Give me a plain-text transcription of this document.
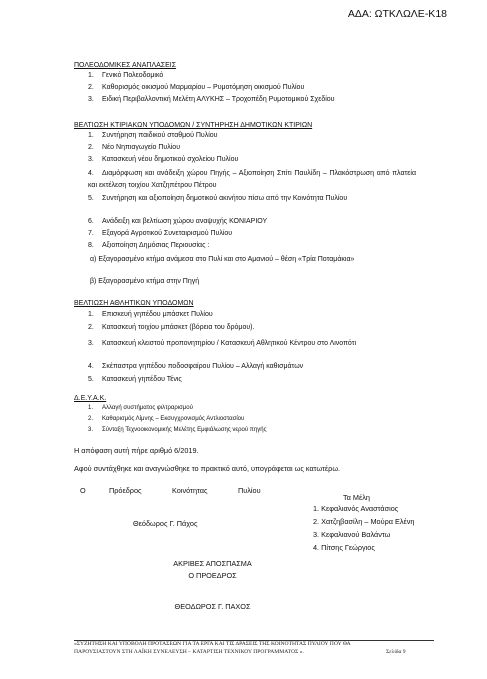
ΑΔΑ: ΩΤΚΛΩΛΕ-Κ18
ΠΟΛΕΟΔΟΜΙΚΕΣ ΑΝΑΠΛΑΣΕΙΣ
1. Γενικό Πολεοδομικό
2. Καθορισμός οικισμού Μαρμαρίου – Ρυμοτόμηση οικισμού Πυλίου
3. Ειδική Περιβαλλοντική Μελέτη ΑΛΥΚΗΣ – Τροχοπέδη Ρυμοτομικού Σχεδίου
ΒΕΛΤΙΩΣΗ ΚΤΙΡΙΑΚΩΝ ΥΠΟΔΟΜΩΝ / ΣΥΝΤΗΡΗΣΗ ΔΗΜΟΤΙΚΩΝ ΚΤΙΡΙΩΝ
1. Συντήρηση παιδικού σταθμού Πυλίου
2. Νέο Νηπιαγωγείο Πυλίου
3. Κατασκευή νέου δημοτικού σχολείου Πυλίου
4. Διαμόρφωση και ανάδειξη χώρου Πηγής – Αξιοποίηση Σπίτι Παυλίδη – Πλακόστρωση από πλατεία και εκτέλεση τοιχίου Χατζηπέτρου Πέτρου
5. Συντήρηση και αξιοποίηση δημοτικού ακινήτου πίσω από την Κοινότητα Πυλίου
6. Ανάδειξη και βελτίωση χώρου αναψυχής ΚΟΝΙΑΡΙΟΥ
7. Εξαγορά Αγροτικού Συνεταιρισμού Πυλίου
8. Αξιοποίηση Δημόσιας Περιουσίας :
α) Εξαγορασμένο κτήμα ανάμεσα στο Πυλί και στο Αμανιού – θέση «Τρία Ποταμάκια»
β) Εξαγορασμένο κτήμα στην Πηγή
ΒΕΛΤΙΩΣΗ ΑΘΛΗΤΙΚΩΝ ΥΠΟΔΟΜΩΝ
1. Επισκευή γηπέδου μπάσκετ Πυλίου
2. Κατασκευή τοιχίου μπάσκετ (βόρεια του δρόμου).
3. Κατασκευή κλειστού προπονητηρίου / Κατασκευή Αθλητικού Κέντρου στο Λινοπότι
4. Σκέπαστρα γηπέδου ποδοσφαίρου Πυλίου – Αλλαγή καθισμάτων
5. Κατασκευή γηπέδου Τένις
Δ.Ε.Υ.Α.Κ.
1. Αλλαγή συστήματος φιλτραρισμού
2. Καθαρισμός Λίμνης – Εκσυγχρονισμός Αντλιοστασίου
3. Σύνταξη Τεχνοοικονομικής Μελέτης Εμφιάλωσης νερού πηγής
Η απόφαση αυτή πήρε αριθμό 6/2019.
Αφού συντάχθηκε και αναγνώσθηκε το πρακτικό αυτό, υπογράφεται ως κατωτέρω.
Ο	Πρόεδρος	Κοινότητας	Πυλίου
Θεόδωρος Γ. Πάχος
Τα Μέλη
1. Κεφαλιανός Αναστάσιος
2. Χατζηβασίλη – Μούρα Ελένη
3. Κεφαλιανού Βαλάντω
4. Πίτσης Γεώργιος
ΑΚΡΙΒΕΣ ΑΠΟΣΠΑΣΜΑ
Ο ΠΡΟΕΔΡΟΣ
ΘΕΟΔΩΡΟΣ Γ. ΠΑΧΟΣ
«ΣΥΖΗΤΗΣΗ ΚΑΙ ΥΠΟΒΟΛΗ ΠΡΟΤΑΣΕΩΝ ΓΙΑ ΤΑ ΕΡΓΑ ΚΑΙ ΤΙΣ ΔΡΑΣΕΙΣ ΤΗΣ ΚΟΙΝΟΤΗΤΑΣ ΠΥΛΙΟΥ ΠΟΥ ΘΑ
ΠΑΡΟΥΣΙΑΣΤΟΥΝ ΣΤΗ ΛΑΪΚΗ ΣΥΝΕΛΕΥΣΗ – ΚΑΤΑΡΤΙΣΗ ΤΕΧΝΙΚΟΥ ΠΡΟΓΡΑΜΜΑΤΟΣ ».	Σελίδα 9
